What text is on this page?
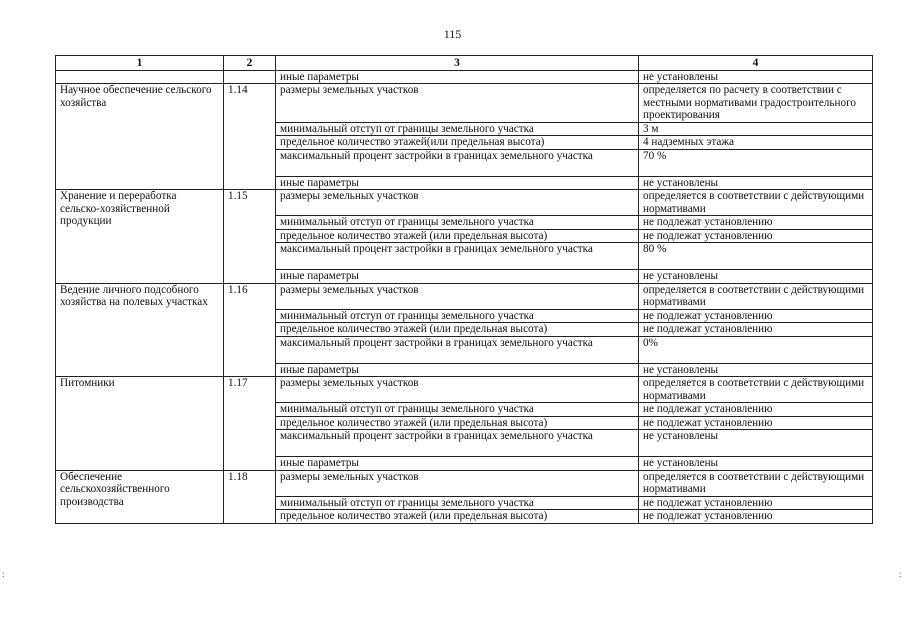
115
1	2	3	4
		иные параметры	не установлены
Научное обеспечение сельского хозяйства	1.14	размеры земельных участков	определяется по расчету в соответствии с местными нормативами градостроительного проектирования
		минимальный отступ от границы земельного участка	3 м
		предельное количество этажей(или предельная высота)	4 надземных этажа
		максимальный процент застройки в границах земельного участка	70 %
		иные параметры	не установлены
Хранение и переработка сельско-хозяйственной продукции	1.15	размеры земельных участков	определяется в соответствии с действующими нормативами
		минимальный отступ от границы земельного участка	не подлежат установлению
		предельное количество этажей (или предельная высота)	не подлежат установлению
		максимальный процент застройки в границах земельного участка	80 %
		иные параметры	не установлены
Ведение личного подсобного хозяйства на полевых участках	1.16	размеры земельных участков	определяется в соответствии с действующими нормативами
		минимальный отступ от границы земельного участка	не подлежат установлению
		предельное количество этажей (или предельная высота)	не подлежат установлению
		максимальный процент застройки в границах земельного участка	0%
		иные параметры	не установлены
Питомники	1.17	размеры земельных участков	определяется в соответствии с действующими нормативами
		минимальный отступ от границы земельного участка	не подлежат установлению
		предельное количество этажей (или предельная высота)	не подлежат установлению
		максимальный процент застройки в границах земельного участка	не установлены
		иные параметры	не установлены
Обеспечение сельскохозяйственного производства	1.18	размеры земельных участков	определяется в соответствии с действующими нормативами
		минимальный отступ от границы земельного участка	не подлежат установлению
		предельное количество этажей (или предельная высота)	не подлежат установлению
:	:
